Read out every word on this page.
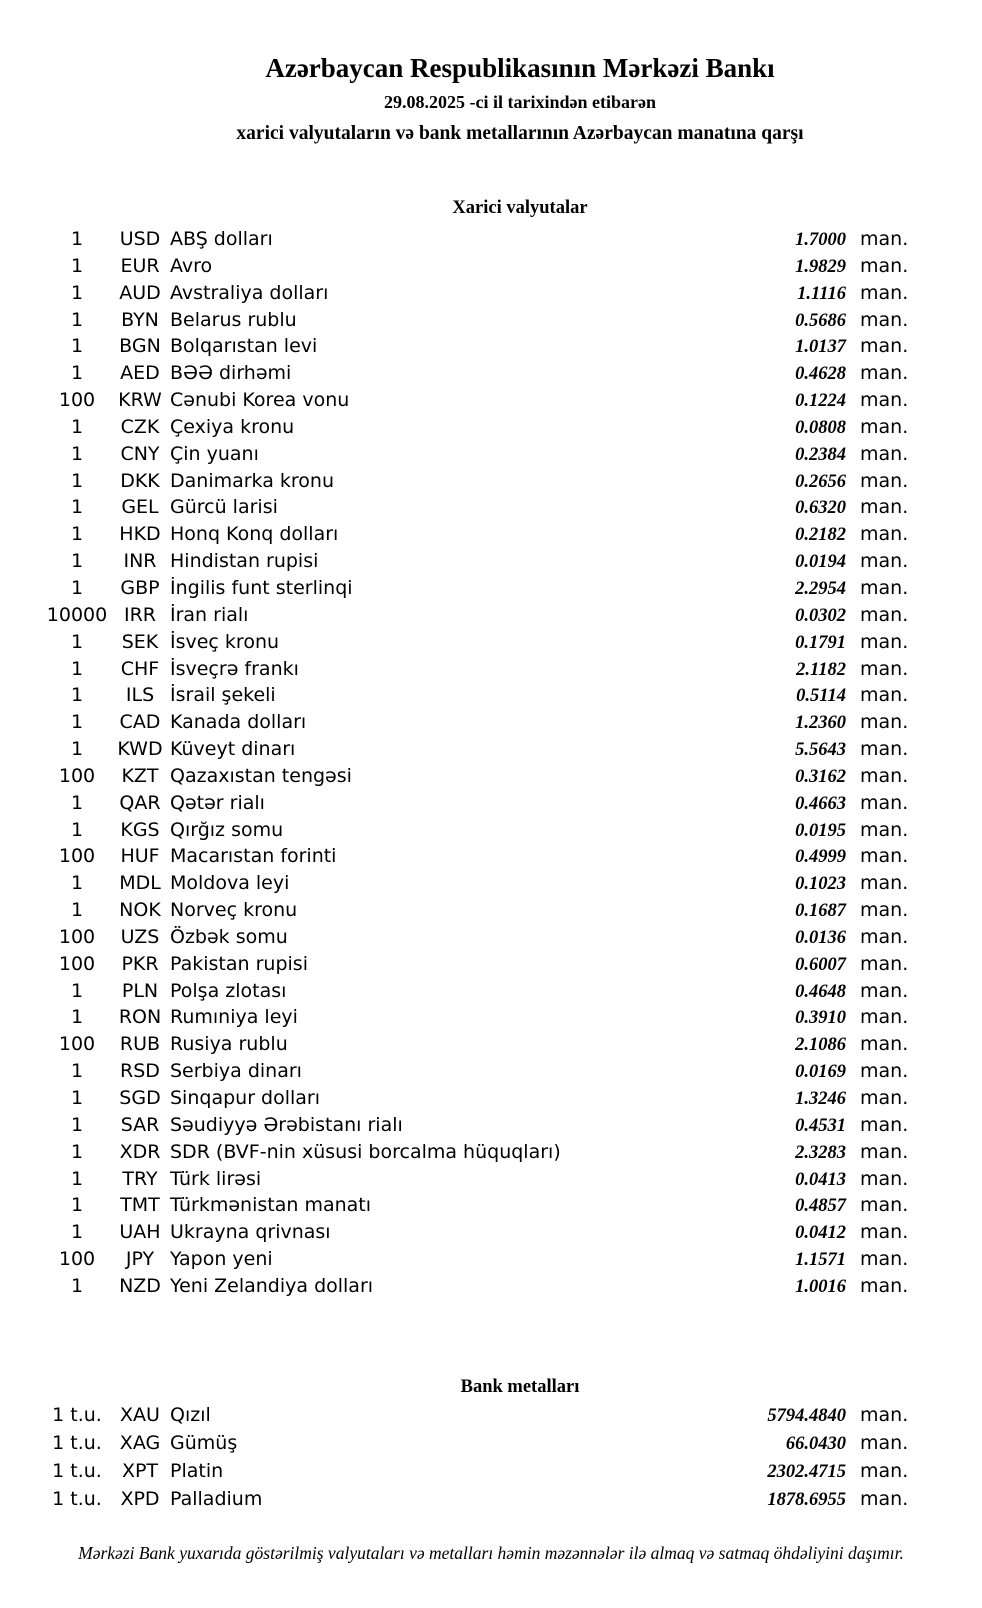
Azərbaycan Respublikasının Mərkəzi Bankı
29.08.2025 -ci il tarixindən etibarən
xarici valyutaların və bank metallarının Azərbaycan manatına qarşı
Xarici valyutalar
1	USD ABŞ dolları	1.7000 man.
1	EUR Avro	1.9829 man.
1	AUD Avstraliya dolları	1.1116 man.
1	BYN Belarus rublu	0.5686 man.
1	BGN Bolqarıstan levi	1.0137 man.
1	AED BƏƏ dirhəmi	0.4628 man.
100	KRW Cənubi Korea vonu	0.1224 man.
1	CZK Çexiya kronu	0.0808 man.
1	CNY Çin yuanı	0.2384 man.
1	DKK Danimarka kronu	0.2656 man.
1	GEL Gürcü larisi	0.6320 man.
1	HKD Honq Konq dolları	0.2182 man.
1	INR Hindistan rupisi	0.0194 man.
1	GBP İngilis funt sterlinqi	2.2954 man.
10000 IRR İran rialı	0.0302 man.
1	SEK İsveç kronu	0.1791 man.
1	CHF İsveçrə frankı	2.1182 man.
1	ILS İsrail şekeli	0.5114 man.
1	CAD Kanada dolları	1.2360 man.
1	KWD Küveyt dinarı	5.5643 man.
100	KZT Qazaxıstan tengəsi	0.3162 man.
1	QAR Qətər rialı	0.4663 man.
1	KGS Qırğız somu	0.0195 man.
100	HUF Macarıstan forinti	0.4999 man.
1	MDL Moldova leyi	0.1023 man.
1	NOK Norveç kronu	0.1687 man.
100	UZS Özbək somu	0.0136 man.
100	PKR Pakistan rupisi	0.6007 man.
1	PLN Polşa zlotası	0.4648 man.
1	RON Rumıniya leyi	0.3910 man.
100	RUB Rusiya rublu	2.1086 man.
1	RSD Serbiya dinarı	0.0169 man.
1	SGD Sinqapur dolları	1.3246 man.
1	SAR Səudiyyə Ərəbistanı rialı	0.4531 man.
1	XDR SDR (BVF-nin xüsusi borcalma hüquqları)	2.3283 man.
1	TRY Türk lirəsi	0.0413 man.
1	TMT Türkmənistan manatı	0.4857 man.
1	UAH Ukrayna qrivnası	0.0412 man.
100	JPY Yapon yeni	1.1571 man.
1	NZD Yeni Zelandiya dolları	1.0016 man.
Bank metalları
1 t.u. XAU Qızıl	5794.4840 man.
1 t.u. XAG Gümüş	66.0430 man.
1 t.u.	XPT Platin	2302.4715 man.
1 t.u. XPD Palladium	1878.6955 man.
Mərkəzi Bank yuxarıda göstərilmiş valyutaları və metalları həmin məzənnələr ilə almaq və satmaq öhdəliyini daşımır.
